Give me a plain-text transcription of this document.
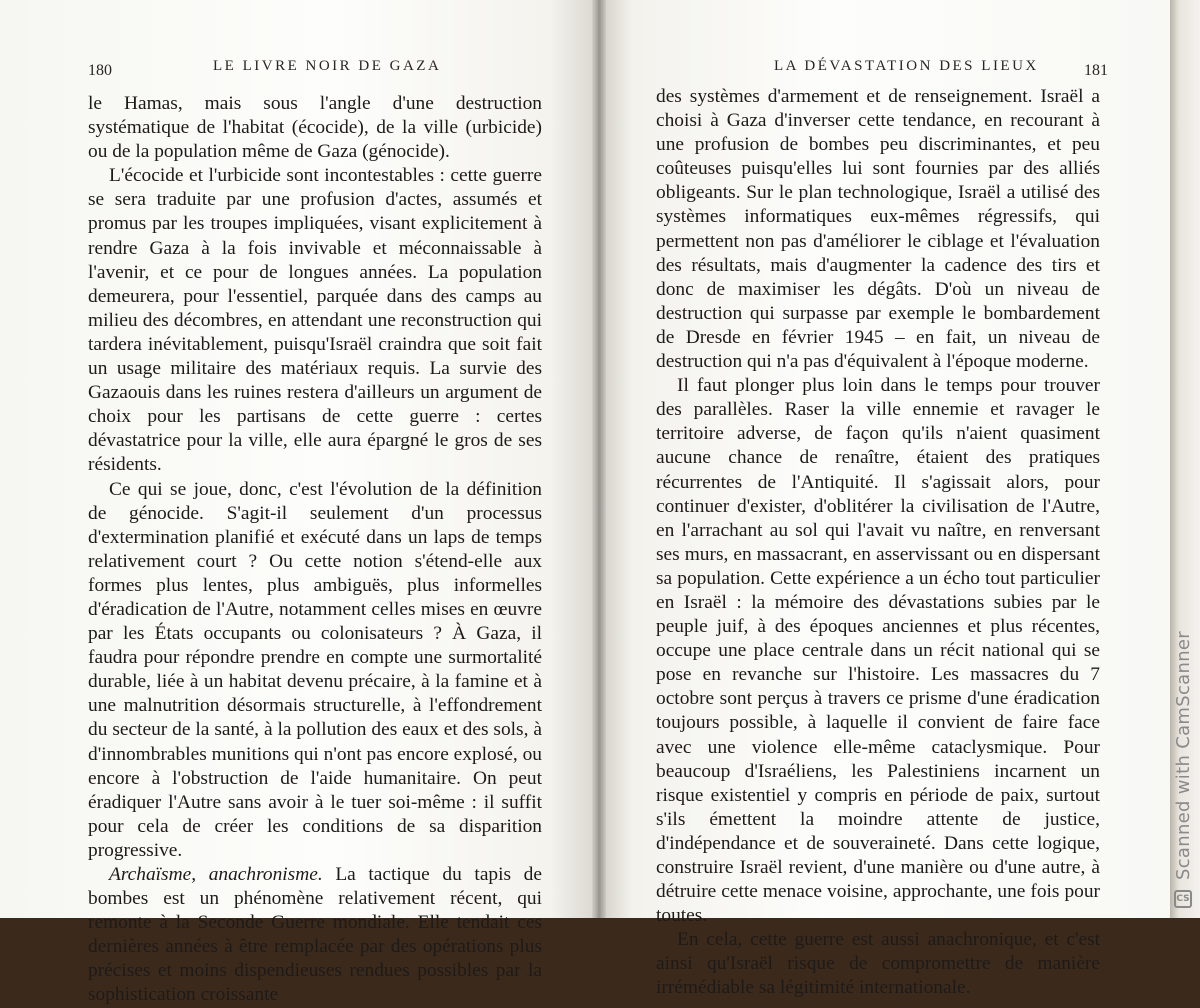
180	LE LIVRE NOIR DE GAZA

le Hamas, mais sous l'angle d'une destruction systématique de l'habitat (écocide), de la ville (urbicide) ou de la population même de Gaza (génocide).

L'écocide et l'urbicide sont incontestables : cette guerre se sera traduite par une profusion d'actes, assumés et promus par les troupes impliquées, visant explicitement à rendre Gaza à la fois invivable et méconnaissable à l'avenir, et ce pour de longues années. La population demeurera, pour l'essentiel, parquée dans des camps au milieu des décombres, en attendant une reconstruction qui tardera inévitablement, puisqu'Israël craindra que soit fait un usage militaire des matériaux requis. La survie des Gazaouis dans les ruines restera d'ailleurs un argument de choix pour les partisans de cette guerre : certes dévastatrice pour la ville, elle aura épargné le gros de ses résidents.

Ce qui se joue, donc, c'est l'évolution de la définition de génocide. S'agit-il seulement d'un processus d'extermination planifié et exécuté dans un laps de temps relativement court ? Ou cette notion s'étend-elle aux formes plus lentes, plus ambiguës, plus informelles d'éradication de l'Autre, notamment celles mises en œuvre par les États occupants ou colonisateurs ? À Gaza, il faudra pour répondre prendre en compte une surmortalité durable, liée à un habitat devenu précaire, à la famine et à une malnutrition désormais structurelle, à l'effondrement du secteur de la santé, à la pollution des eaux et des sols, à d'innombrables munitions qui n'ont pas encore explosé, ou encore à l'obstruction de l'aide humanitaire. On peut éradiquer l'Autre sans avoir à le tuer soi-même : il suffit pour cela de créer les conditions de sa disparition progressive.

Archaïsme, anachronisme. La tactique du tapis de bombes est un phénomène relativement récent, qui remonte à la Seconde Guerre mondiale. Elle tendait ces dernières années à être remplacée par des opérations plus précises et moins dispendieuses rendues possibles par la sophistication croissante

LA DÉVASTATION DES LIEUX	181

des systèmes d'armement et de renseignement. Israël a choisi à Gaza d'inverser cette tendance, en recourant à une profusion de bombes peu discriminantes, et peu coûteuses puisqu'elles lui sont fournies par des alliés obligeants. Sur le plan technologique, Israël a utilisé des systèmes informatiques eux-mêmes régressifs, qui permettent non pas d'améliorer le ciblage et l'évaluation des résultats, mais d'augmenter la cadence des tirs et donc de maximiser les dégâts. D'où un niveau de destruction qui surpasse par exemple le bombardement de Dresde en février 1945 – en fait, un niveau de destruction qui n'a pas d'équivalent à l'époque moderne.

Il faut plonger plus loin dans le temps pour trouver des parallèles. Raser la ville ennemie et ravager le territoire adverse, de façon qu'ils n'aient quasiment aucune chance de renaître, étaient des pratiques récurrentes de l'Antiquité. Il s'agissait alors, pour continuer d'exister, d'oblitérer la civilisation de l'Autre, en l'arrachant au sol qui l'avait vu naître, en renversant ses murs, en massacrant, en asservissant ou en dispersant sa population. Cette expérience a un écho tout particulier en Israël : la mémoire des dévastations subies par le peuple juif, à des époques anciennes et plus récentes, occupe une place centrale dans un récit national qui se pose en revanche sur l'histoire. Les massacres du 7 octobre sont perçus à travers ce prisme d'une éradication toujours possible, à laquelle il convient de faire face avec une violence elle-même cataclysmique. Pour beaucoup d'Israéliens, les Palestiniens incarnent un risque existentiel y compris en période de paix, surtout s'ils émettent la moindre attente de justice, d'indépendance et de souveraineté. Dans cette logique, construire Israël revient, d'une manière ou d'une autre, à détruire cette menace voisine, approchante, une fois pour toutes.

En cela, cette guerre est aussi anachronique, et c'est ainsi qu'Israël risque de compromettre de manière irrémédiable sa légitimité internationale.

Scanned with CamScanner
CS
